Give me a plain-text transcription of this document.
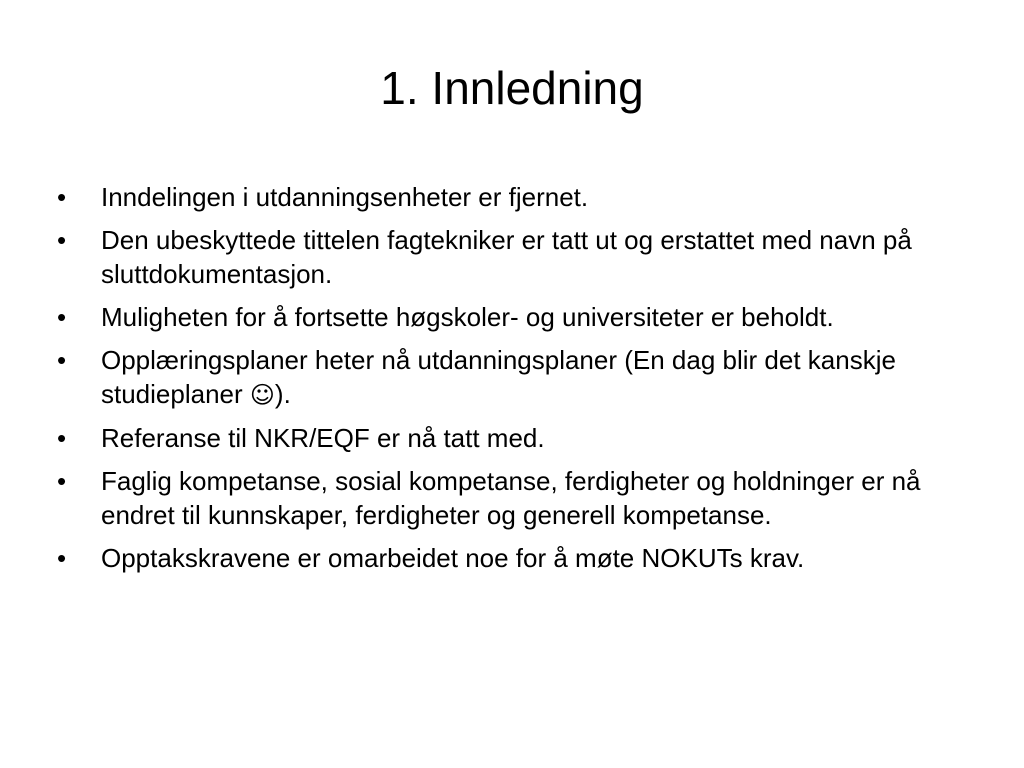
1. Innledning
•	Inndelingen i utdanningsenheter er fjernet.
•	Den ubeskyttede tittelen fagtekniker er tatt ut og erstattet med navn på sluttdokumentasjon.
•	Muligheten for å fortsette høgskoler- og universiteter er beholdt.
•	Opplæringsplaner heter nå utdanningsplaner (En dag blir det kanskje studieplaner ☺).
•	Referanse til NKR/EQF er nå tatt med.
•	Faglig kompetanse, sosial kompetanse, ferdigheter og holdninger er nå endret til kunnskaper, ferdigheter og generell kompetanse.
•	Opptakskravene er omarbeidet noe for å møte NOKUTs krav.
